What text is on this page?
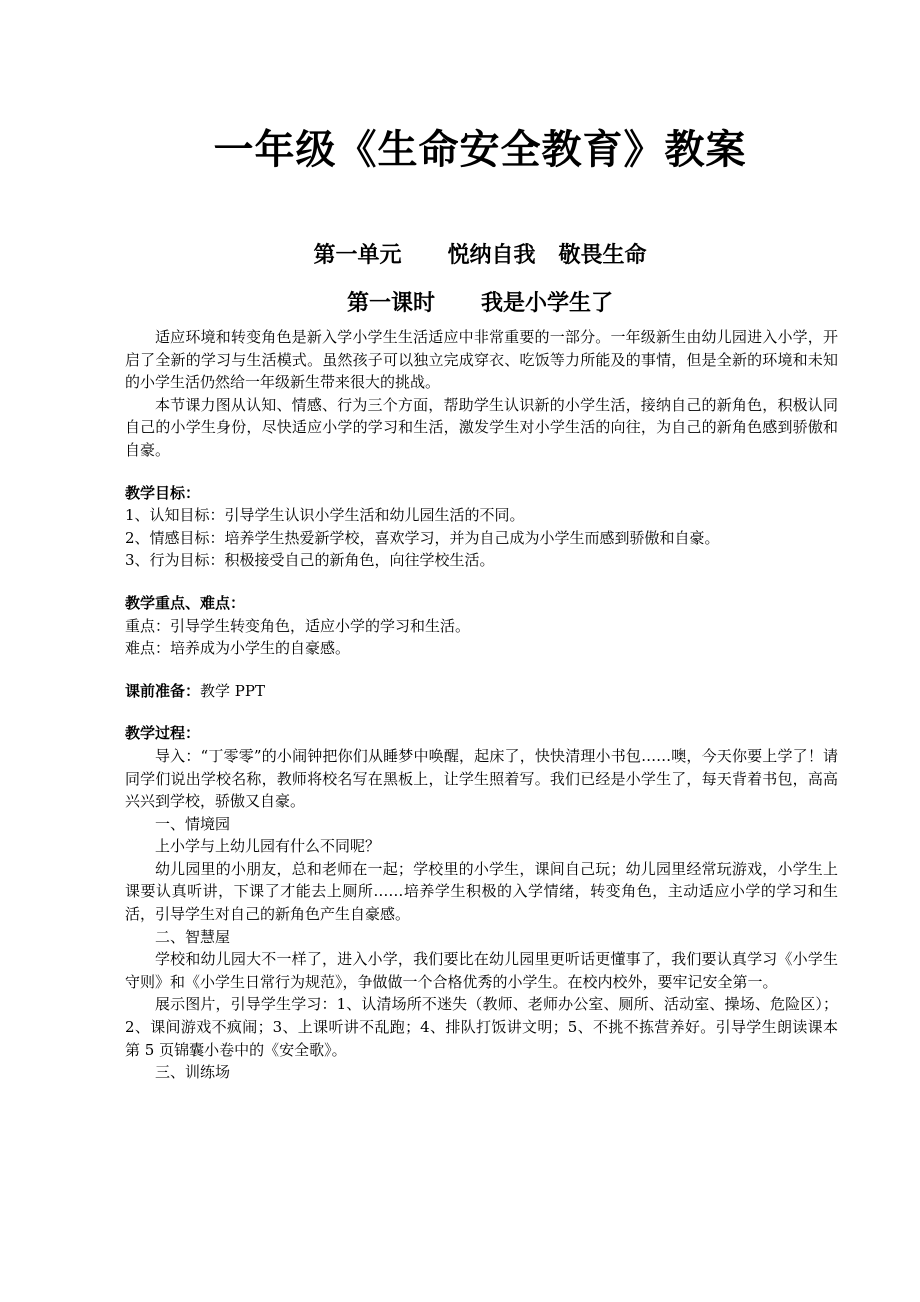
一年级《生命安全教育》教案
第一单元      悦纳自我   敬畏生命
第一课时      我是小学生了

适应环境和转变角色是新入学小学生生活适应中非常重要的一部分。一年级新生由幼儿园进入小学，开启了全新的学习与生活模式。虽然孩子可以独立完成穿衣、吃饭等力所能及的事情，但是全新的环境和未知的小学生活仍然给一年级新生带来很大的挑战。

本节课力图从认知、情感、行为三个方面，帮助学生认识新的小学生活，接纳自己的新角色，积极认同自己的小学生身份，尽快适应小学的学习和生活，激发学生对小学生活的向往，为自己的新角色感到骄傲和自豪。

教学目标：

1、认知目标：引导学生认识小学生活和幼儿园生活的不同。

2、情感目标：培养学生热爱新学校，喜欢学习，并为自己成为小学生而感到骄傲和自豪。

3、行为目标：积极接受自己的新角色，向往学校生活。

教学重点、难点：

重点：引导学生转变角色，适应小学的学习和生活。

难点：培养成为小学生的自豪感。

课前准备：教学 PPT

教学过程：

导入：“丁零零”的小闹钟把你们从睡梦中唤醒，起床了，快快清理小书包……噢，今天你要上学了！请同学们说出学校名称，教师将校名写在黑板上，让学生照着写。我们已经是小学生了，每天背着书包，高高兴兴到学校，骄傲又自豪。

一、情境园

上小学与上幼儿园有什么不同呢？

幼儿园里的小朋友，总和老师在一起；学校里的小学生，课间自己玩；幼儿园里经常玩游戏，小学生上课要认真听讲，下课了才能去上厕所……培养学生积极的入学情绪，转变角色，主动适应小学的学习和生活，引导学生对自己的新角色产生自豪感。

二、智慧屋

学校和幼儿园大不一样了，进入小学，我们要比在幼儿园里更听话更懂事了，我们要认真学习《小学生守则》和《小学生日常行为规范》，争做做一个合格优秀的小学生。在校内校外，要牢记安全第一。

展示图片，引导学生学习：1、认清场所不迷失（教师、老师办公室、厕所、活动室、操场、危险区）；2、课间游戏不疯闹；3、上课听讲不乱跑；4、排队打饭讲文明；5、不挑不拣营养好。引导学生朗读课本第 5 页锦囊小卷中的《安全歌》。

三、训练场
